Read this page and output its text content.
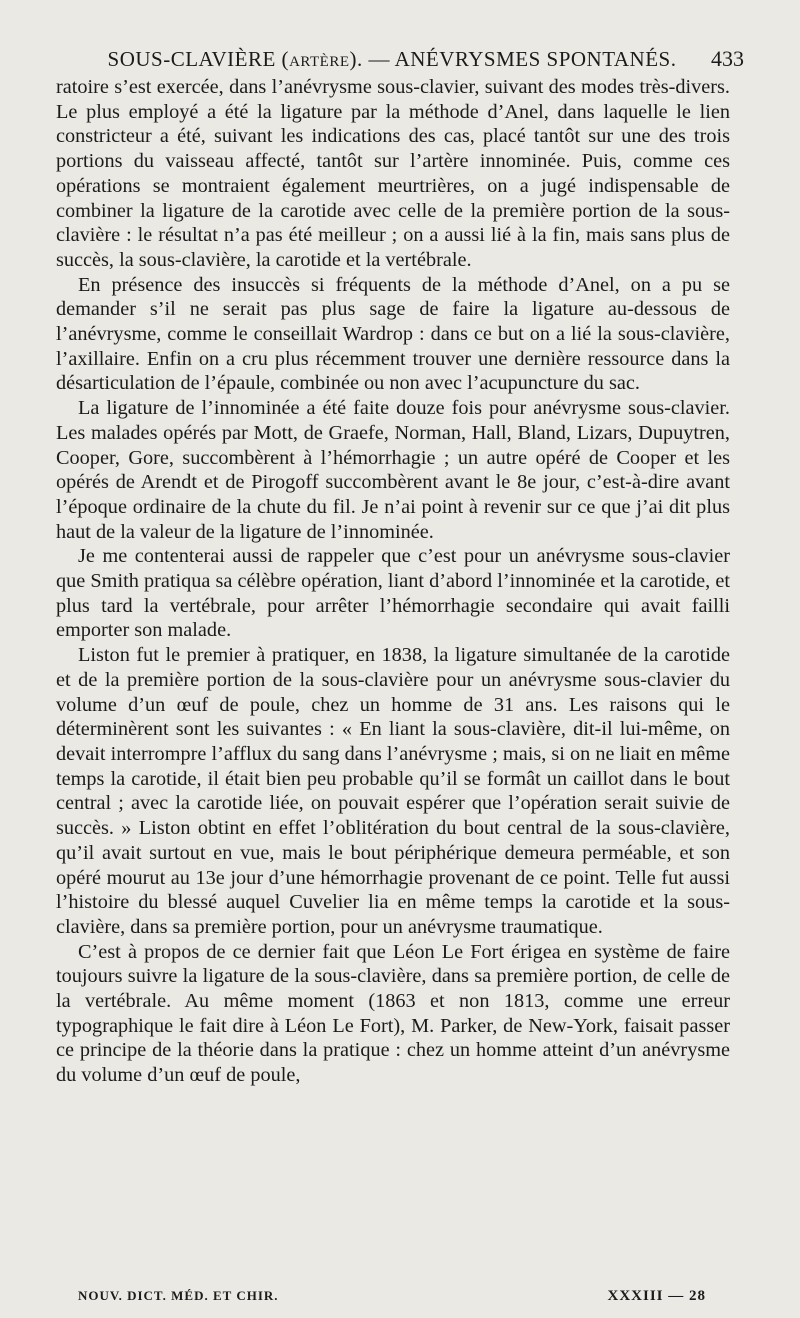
SOUS-CLAVIÈRE (ARTÈRE). — ANÉVRYSMES SPONTANÉS.	433

ratoire s’est exercée, dans l’anévrysme sous-clavier, suivant des modes très-divers. Le plus employé a été la ligature par la méthode d’Anel, dans laquelle le lien constricteur a été, suivant les indications des cas, placé tantôt sur une des trois portions du vaisseau affecté, tantôt sur l’artère innominée. Puis, comme ces opérations se montraient également meurtrières, on a jugé indispensable de combiner la ligature de la carotide avec celle de la première portion de la sous-clavière : le résultat n’a pas été meilleur ; on a aussi lié à la fin, mais sans plus de succès, la sous-clavière, la carotide et la vertébrale.

En présence des insuccès si fréquents de la méthode d’Anel, on a pu se demander s’il ne serait pas plus sage de faire la ligature au-dessous de l’anévrysme, comme le conseillait Wardrop : dans ce but on a lié la sous-clavière, l’axillaire. Enfin on a cru plus récemment trouver une dernière ressource dans la désarticulation de l’épaule, combinée ou non avec l’acupuncture du sac.

La ligature de l’innominée a été faite douze fois pour anévrysme sous-clavier. Les malades opérés par Mott, de Graefe, Norman, Hall, Bland, Lizars, Dupuytren, Cooper, Gore, succombèrent à l’hémorrhagie ; un autre opéré de Cooper et les opérés de Arendt et de Pirogoff succombèrent avant le 8e jour, c’est-à-dire avant l’époque ordinaire de la chute du fil. Je n’ai point à revenir sur ce que j’ai dit plus haut de la valeur de la ligature de l’innominée.

Je me contenterai aussi de rappeler que c’est pour un anévrysme sous-clavier que Smith pratiqua sa célèbre opération, liant d’abord l’innominée et la carotide, et plus tard la vertébrale, pour arrêter l’hémorrhagie secondaire qui avait failli emporter son malade.

Liston fut le premier à pratiquer, en 1838, la ligature simultanée de la carotide et de la première portion de la sous-clavière pour un anévrysme sous-clavier du volume d’un œuf de poule, chez un homme de 31 ans. Les raisons qui le déterminèrent sont les suivantes : « En liant la sous-clavière, dit-il lui-même, on devait interrompre l’afflux du sang dans l’anévrysme ; mais, si on ne liait en même temps la carotide, il était bien peu probable qu’il se formât un caillot dans le bout central ; avec la carotide liée, on pouvait espérer que l’opération serait suivie de succès. » Liston obtint en effet l’oblitération du bout central de la sous-clavière, qu’il avait surtout en vue, mais le bout périphérique demeura perméable, et son opéré mourut au 13e jour d’une hémorrhagie provenant de ce point. Telle fut aussi l’histoire du blessé auquel Cuvelier lia en même temps la carotide et la sous-clavière, dans sa première portion, pour un anévrysme traumatique.

C’est à propos de ce dernier fait que Léon Le Fort érigea en système de faire toujours suivre la ligature de la sous-clavière, dans sa première portion, de celle de la vertébrale. Au même moment (1863 et non 1813, comme une erreur typographique le fait dire à Léon Le Fort), M. Parker, de New-York, faisait passer ce principe de la théorie dans la pratique : chez un homme atteint d’un anévrysme du volume d’un œuf de poule,

NOUV. DICT. MÉD. ET CHIR.	XXXIII — 28
